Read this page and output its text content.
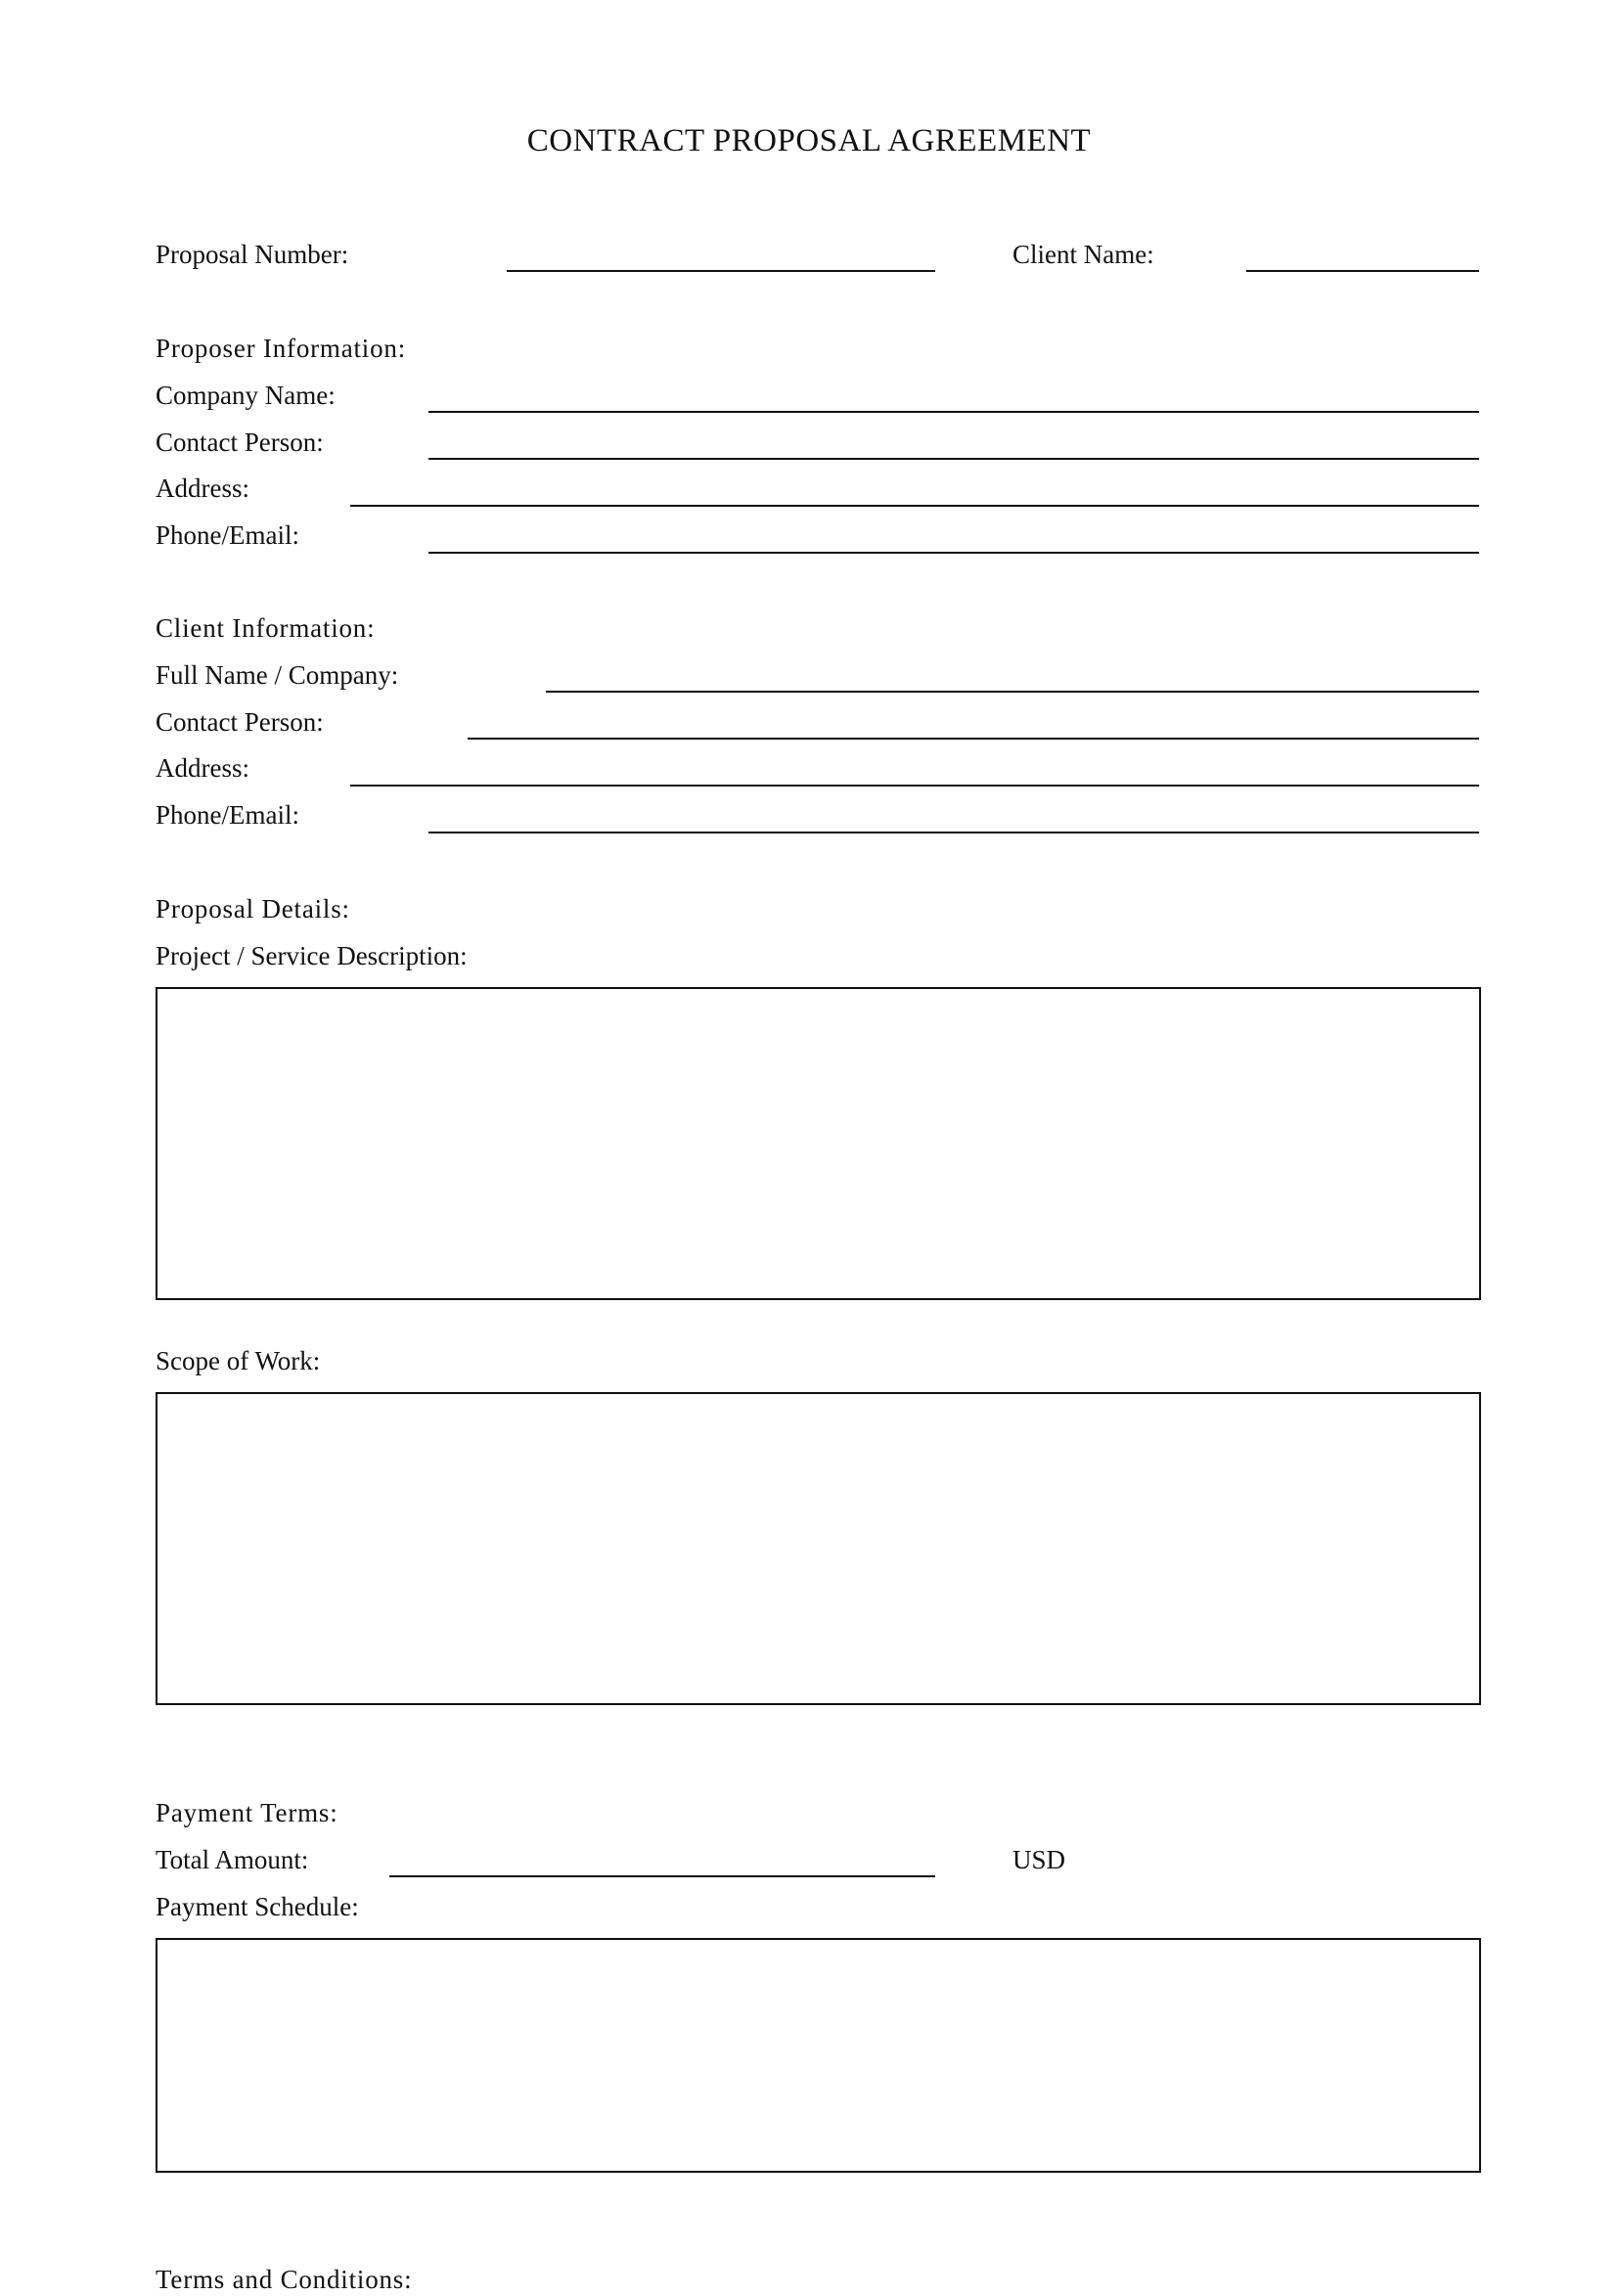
CONTRACT PROPOSAL AGREEMENT
Proposal Number:	Client Name:
Proposer Information:
Company Name:
Contact Person:
Address:
Phone/Email:
Client Information:
Full Name / Company:
Contact Person:
Address:
Phone/Email:
Proposal Details:
Project / Service Description:
Scope of Work:
Payment Terms:
Total Amount:	USD
Payment Schedule:
Terms and Conditions:
